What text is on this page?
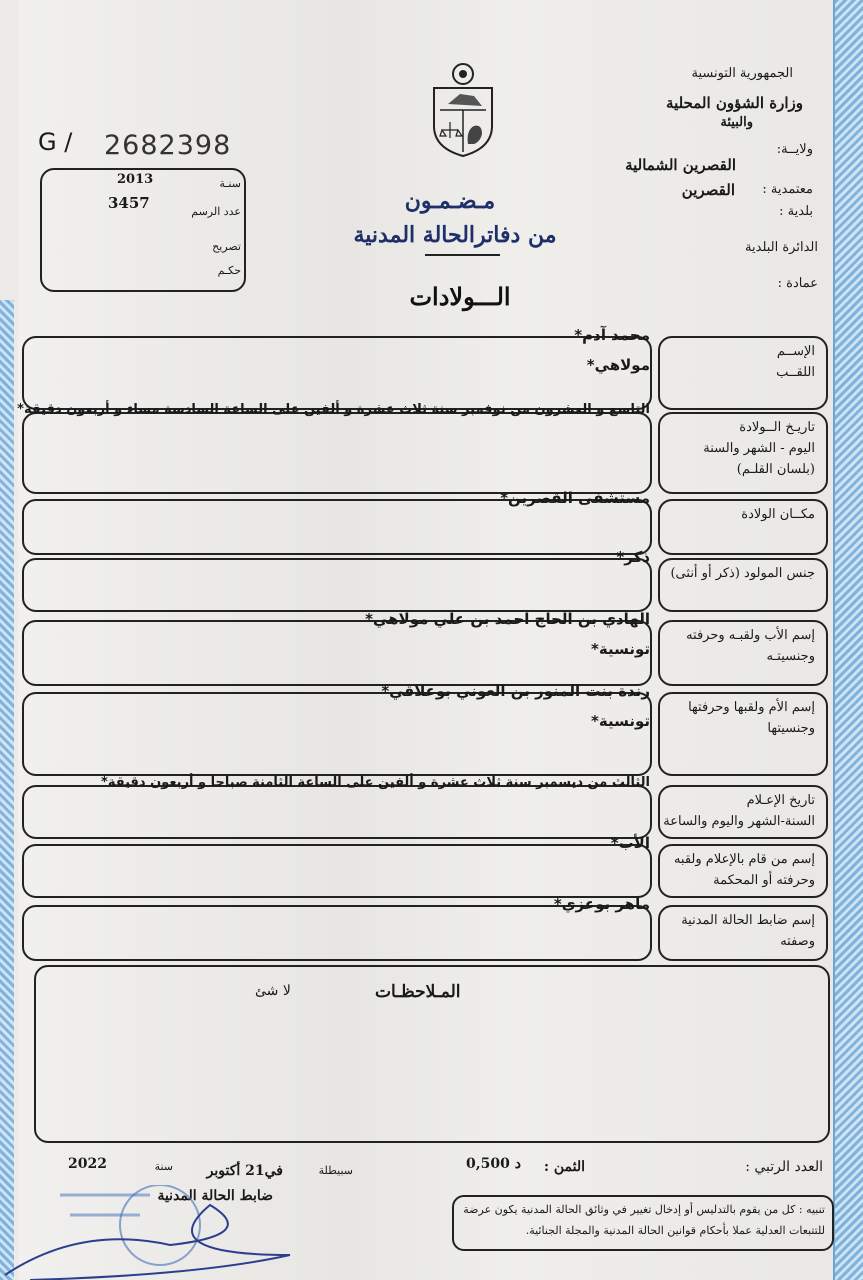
الجمهورية التونسية
وزارة الشؤون المحلية
والبيئة
ولايــة:
القصرين الشمالية
معتمدية :
القصرين
بلدية :
الدائرة البلدية
عمادة :
G / 2682398
2013	سنـة
3457	عدد الرسم
تصريح
حكـم
مـضـمـون
من دفاترالحالة المدنية
الـــولادات
الإســم
اللقــب
محمد آدم*
مولاهي*
تاريـخ الــولادة
اليوم - الشهر والسنة
(بلسان القلـم)
التاسع و العشرون من نوفمبر سنة ثلاث عشرة و ألفين على الساعة السادسة مساء و أربعون دقيقة*
مكــان الولادة
مستشفى القصرين*
جنس المولود (ذكر أو أنثى)
ذكر*
إسم الأب ولقبـه وحرفته
وجنسيتـه
الهادي بن الحاج احمد بن علي مولاهي*
تونسية*
إسم الأم ولقبها وحرفتها
وجنسيتها
رندة بنت المنور بن العوني بوعلاقي*
تونسية*
تاريخ الإعـلام
السنة-الشهر واليوم والساعة
الثالث من ديسمبر سنة ثلاث عشرة و ألفين على الساعة الثامنة صباحا و أربعون دقيقة*
إسم من قام بالإعلام ولقبه
وحرفته أو المحكمة
الأب*
إسم ضابط الحالة المدنية
وصفته
ماهر بوعزي*
المـلاحظـات
لا شئ
العدد الرتبي :
الثمن :
0,500 د
سنة
2022	سبيطلة
في21 أكتوبر
ضابط الحالة المدنية
تنبيه : كل من يقوم بالتدليس أو إدخال تغيير في وثائق الحالة المدنية يكون عرضة للتتبعات العدلية عملا بأحكام قوانين الحالة المدنية والمجلة الجنائية.
